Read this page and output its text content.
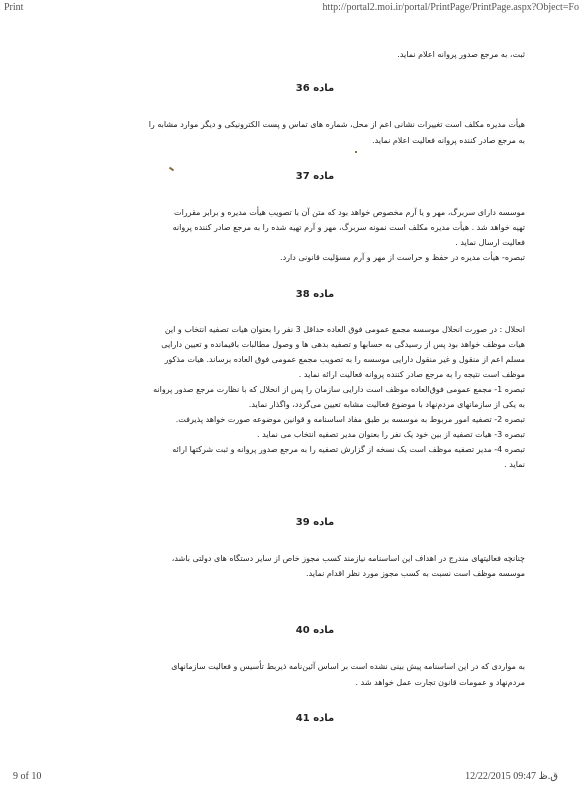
Print	http://portal2.moi.ir/portal/PrintPage/PrintPage.aspx?Object=Fo
ثبت، به مرجع صدور پروانه اعلام نماید.
ماده 36
هیأت مدیره مکلف است تغییرات نشانی اعم از محل، شماره های تماس و پست الکترونیکی و دیگر موارد مشابه را
به مرجع صادر کننده پروانه فعالیت اعلام نماید.
ماده 37
موسسه دارای سربرگ، مهر و یا آرم مخصوص خواهد بود که متن آن با تصویب هیأت مدیره و برابر مقررات
تهیه خواهد شد . هیأت مدیره مکلف است نمونه سربرگ، مهر و آرم تهیه شده را به مرجع صادر کننده پروانه
فعالیت ارسال نماید .
تبصره- هیأت مدیره در حفظ و حراست از مهر و آرم مسؤلیت قانونی دارد.
ماده 38
انحلال : در صورت انحلال موسسه مجمع عمومی فوق العاده حداقل 3 نفر را بعنوان هیات تصفیه انتخاب و این
هیات موظف خواهد بود پس از رسیدگی به حسابها و تصفیه بدهی ها و وصول مطالبات باقیمانده و تعیین دارایی
مسلم اعم از منقول و غیر منقول دارایی موسسه را به تصویب مجمع عمومی فوق العاده برساند. هیات مذکور
موظف است نتیجه را به مرجع صادر کننده پروانه فعالیت ارائه نماید .
تبصره 1- مجمع عمومی فوق‌العاده موظف است دارایی سازمان را پس از انحلال که با نظارت مرجع صدور پروانه
به یکی از سازمانهای مردم‌نهاد با موضوع فعالیت مشابه تعیین می‌گردد، واگذار نماید.
تبصره 2- تصفیه امور مربوط به موسسه بر طبق مفاد اساسنامه و قوانین موضوعه صورت خواهد پذیرفت.
تبصره 3- هیات تصفیه از بین خود یک نفر را بعنوان مدیر تصفیه انتخاب می نماید .
تبصره 4- مدیر تصفیه موظف است یک نسخه از گزارش تصفیه را به مرجع صدور پروانه و ثبت شرکتها ارائه
نماید .
ماده 39
چنانچه فعالیتهای مندرج در اهداف این اساسنامه نیازمند کسب مجوز خاص از سایر دستگاه های دولتی باشد،
موسسه موظف است نسبت به کسب مجوز مورد نظر اقدام نماید.
ماده 40
به مواردی که در این اساسنامه پیش بینی نشده است بر اساس آئین‌نامه ذیربط تأسیس و فعالیت سازمانهای
مردم‌نهاد و عمومات قانون تجارت عمل خواهد شد .
ماده 41
9 of 10	12/22/2015 09:47 ق.ظ
